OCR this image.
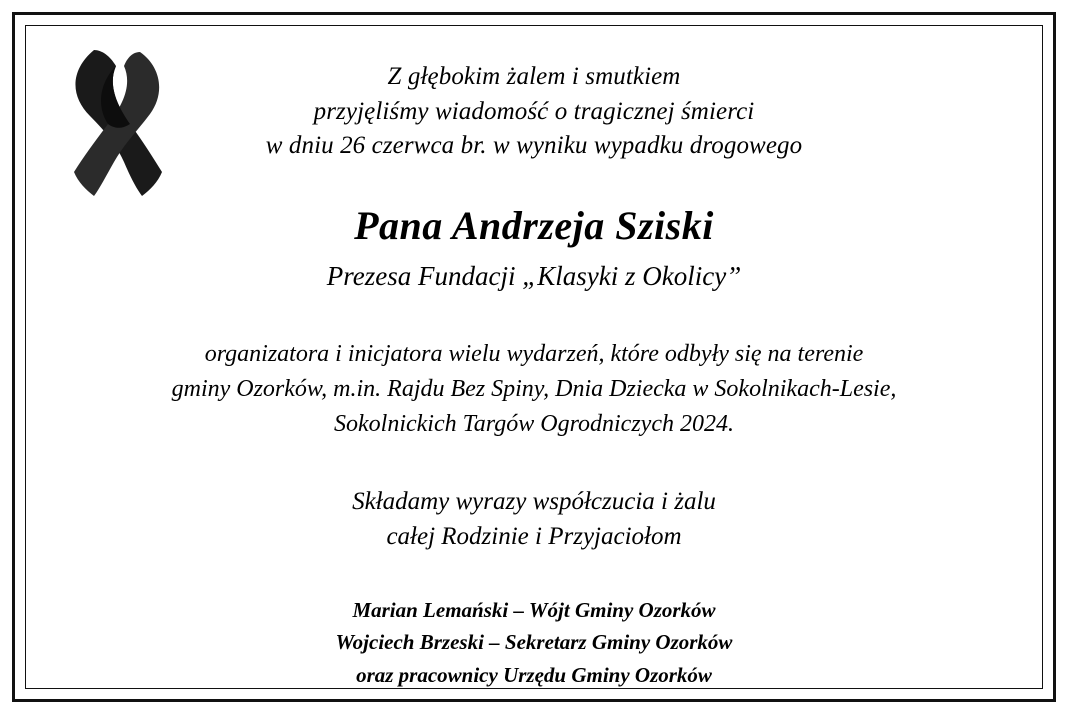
Z głębokim żalem i smutkiem
przyjęliśmy wiadomość o tragicznej śmierci
w dniu 26 czerwca br. w wyniku wypadku drogowego
Pana Andrzeja Sziski
Prezesa Fundacji „Klasyki z Okolicy”
organizatora i inicjatora wielu wydarzeń, które odbyły się na terenie
gminy Ozorków, m.in. Rajdu Bez Spiny, Dnia Dziecka w Sokolnikach-Lesie,
Sokolnickich Targów Ogrodniczych 2024.
Składamy wyrazy współczucia i żalu
całej Rodzinie i Przyjaciołom
Marian Lemański – Wójt Gminy Ozorków
Wojciech Brzeski – Sekretarz Gminy Ozorków
oraz pracownicy Urzędu Gminy Ozorków
